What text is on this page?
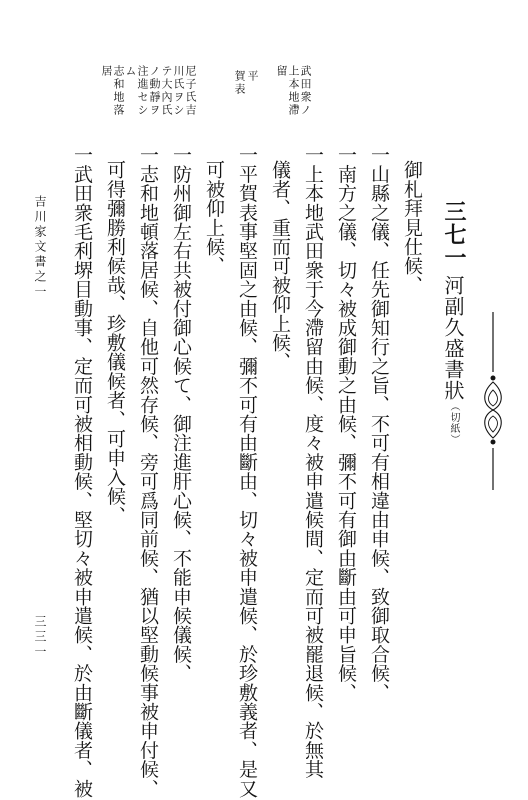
三七一
河副久盛書狀（切紙）
御札拜見仕候、
一山縣之儀、任先御知行之旨、不可有相違由申候、致御取合候、
一南方之儀、切々被成御動之由候、彌不可有御由斷由可申旨候、
一上本地武田衆于今滯留由候、度々被申遣候間、定而可被罷退候、於無其
儀者、重而可被仰上候、
一平賀表事堅固之由候、彌不可有由斷由、切々被申遣候、於珍敷義者、是又
可被仰上候、
一防州御左右共被付御心候て、御注進肝心候、不能申候儀候、
一志和地頓落居候、自他可然存候、旁可爲同前候、猶以堅動候事被申付候、
可得彌勝利候哉、珍敷儀候者、可申入候、
一武田衆毛利堺目動事、定而可被相動候、堅切々被申遣候、於由斷儀者、被
武田衆ノ
上本地滯
留
平
賀表
尼子氏吉
川氏ヲシ
テ大內氏
ノ動靜ヲ
注進セシ
ム
志和地落
居
吉川家文書之一
三三一
